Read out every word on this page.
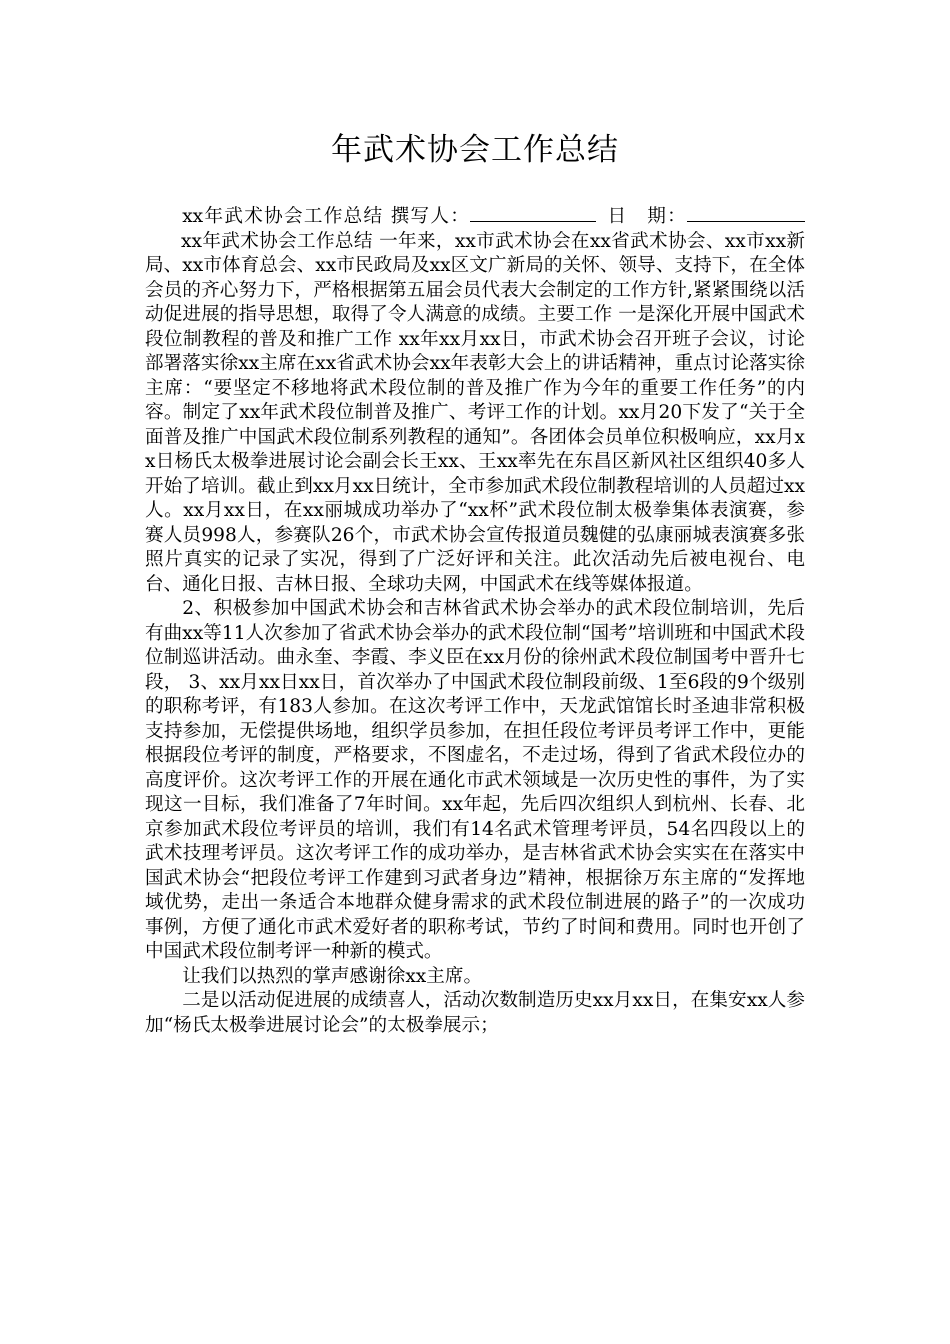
年武术协会工作总结

xx年武术协会工作总结 撰写人：	日　期：xx年武术协会工作总结 一年来，xx市武术协会在xx省武术协会、xx市xx新局、xx市体育总会、xx市民政局及xx区文广新局的关怀、领导、支持下，在全体会员的齐心努力下，严格根据第五届会员代表大会制定的工作方针,紧紧围绕以活动促进展的指导思想，取得了令人满意的成绩。主要工作 一是深化开展中国武术段位制教程的普及和推广工作 xx年xx月xx日，市武术协会召开班子会议，讨论部署落实徐xx主席在xx省武术协会xx年表彰大会上的讲话精神，重点讨论落实徐主席：“要坚定不移地将武术段位制的普及推广作为今年的重要工作任务”的内容。制定了xx年武术段位制普及推广、考评工作的计划。xx月20下发了“关于全面普及推广中国武术段位制系列教程的通知”。各团体会员单位积极响应，xx月xx日杨氏太极拳进展讨论会副会长王xx、王xx率先在东昌区新风社区组织40多人开始了培训。截止到xx月xx日统计，全市参加武术段位制教程培训的人员超过xx人。xx月xx日，在xx丽城成功举办了“xx杯”武术段位制太极拳集体表演赛，参赛人员998人，参赛队26个，市武术协会宣传报道员魏健的弘康丽城表演赛多张照片真实的记录了实况，得到了广泛好评和关注。此次活动先后被电视台、电台、通化日报、吉林日报、全球功夫网，中国武术在线等媒体报道。

2、积极参加中国武术协会和吉林省武术协会举办的武术段位制培训，先后有曲xx等11人次参加了省武术协会举办的武术段位制“国考”培训班和中国武术段位制巡讲活动。曲永奎、李霞、李义臣在xx月份的徐州武术段位制国考中晋升七段， 3、xx月xx日xx日，首次举办了中国武术段位制段前级、1至6段的9个级别的职称考评，有183人参加。在这次考评工作中，天龙武馆馆长时圣迪非常积极支持参加，无偿提供场地，组织学员参加，在担任段位考评员考评工作中，更能根据段位考评的制度，严格要求，不图虚名，不走过场，得到了省武术段位办的高度评价。这次考评工作的开展在通化市武术领域是一次历史性的事件，为了实现这一目标，我们准备了7年时间。xx年起，先后四次组织人到杭州、长春、北京参加武术段位考评员的培训，我们有14名武术管理考评员，54名四段以上的武术技理考评员。这次考评工作的成功举办，是吉林省武术协会实实在在落实中国武术协会“把段位考评工作建到习武者身边”精神，根据徐万东主席的“发挥地域优势，走出一条适合本地群众健身需求的武术段位制进展的路子”的一次成功事例，方便了通化市武术爱好者的职称考试，节约了时间和费用。同时也开创了中国武术段位制考评一种新的模式。

让我们以热烈的掌声感谢徐xx主席。

二是以活动促进展的成绩喜人，活动次数制造历史xx月xx日，在集安xx人参加“杨氏太极拳进展讨论会”的太极拳展示；
